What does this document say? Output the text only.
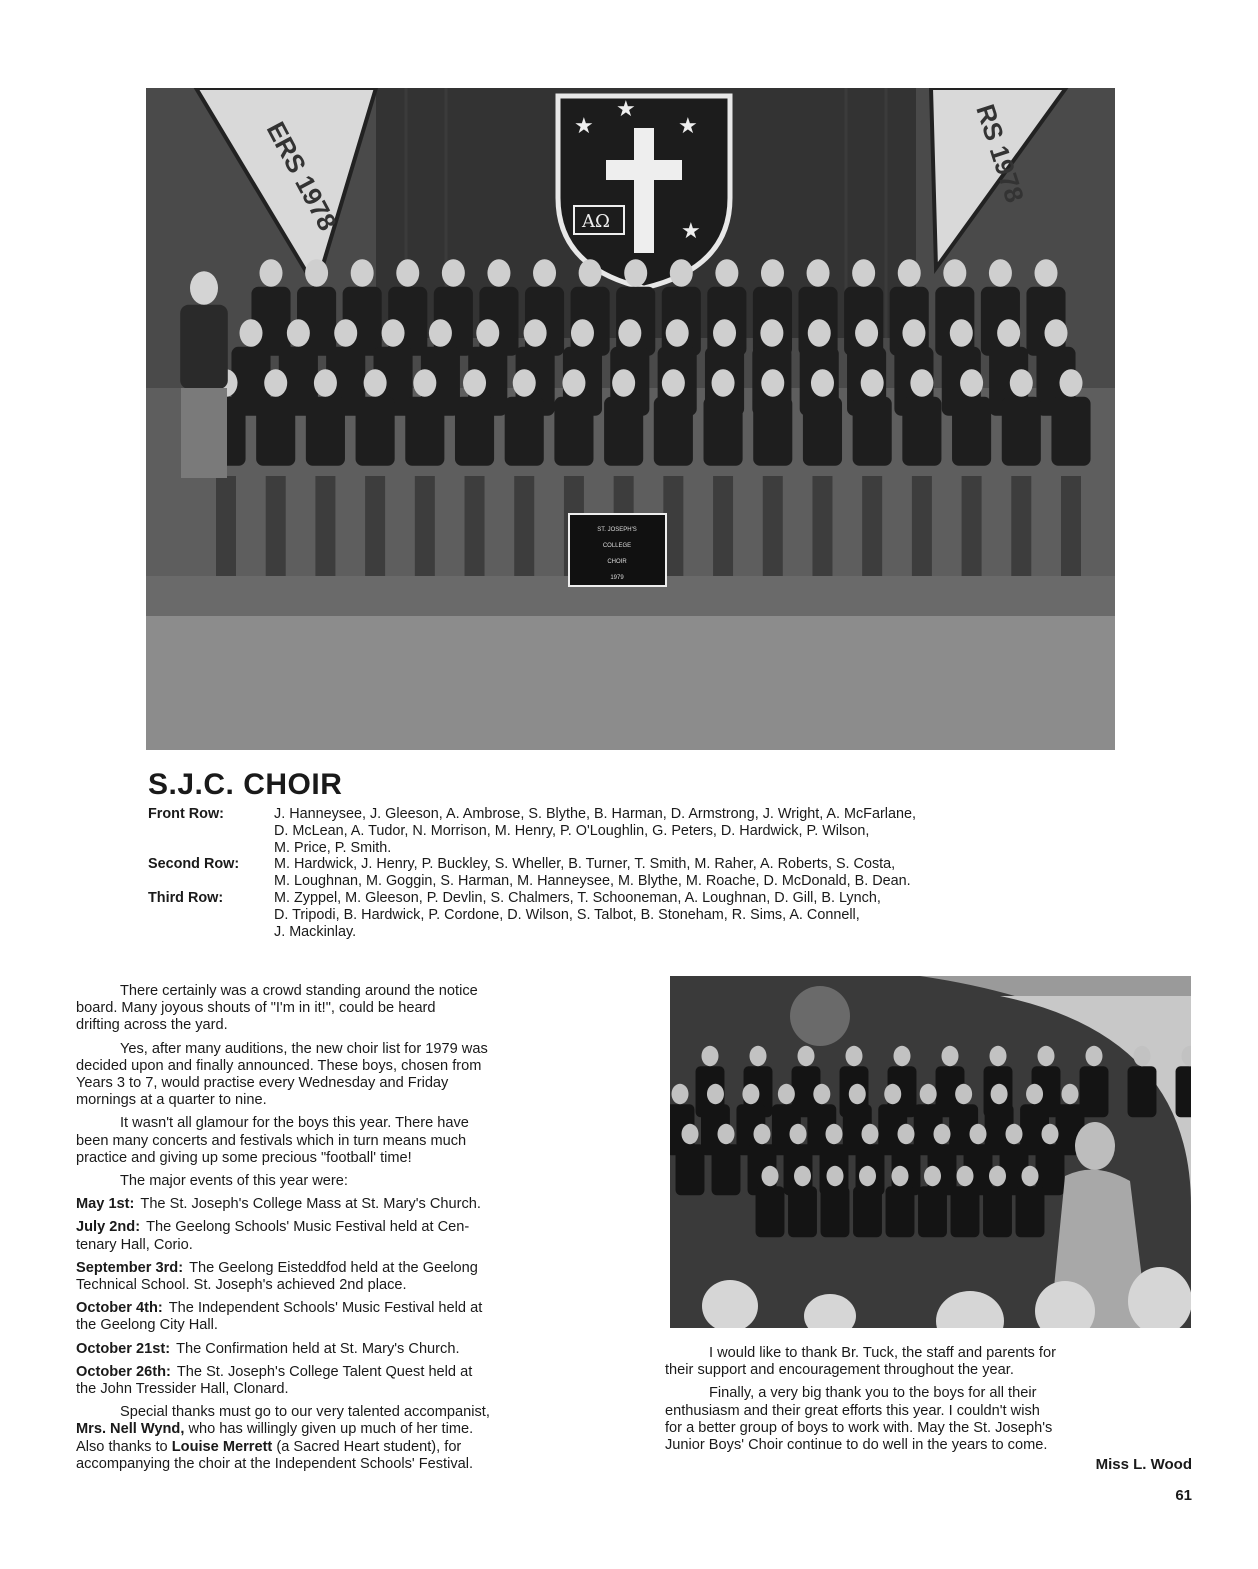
ERS 1978	RS 1978
★	★
★
★
AΩ
ST. JOSEPH'S
COLLEGE
CHOIR
1979
S.J.C. CHOIR
Front Row:	J. Hanneysee, J. Gleeson, A. Ambrose, S. Blythe, B. Harman, D. Armstrong, J. Wright, A. McFarlane,
D. McLean, A. Tudor, N. Morrison, M. Henry, P. O'Loughlin, G. Peters, D. Hardwick, P. Wilson,
M. Price, P. Smith.
Second Row:	M. Hardwick, J. Henry, P. Buckley, S. Wheller, B. Turner, T. Smith, M. Raher, A. Roberts, S. Costa,
M. Loughnan, M. Goggin, S. Harman, M. Hanneysee, M. Blythe, M. Roache, D. McDonald, B. Dean.
Third Row:	M. Zyppel, M. Gleeson, P. Devlin, S. Chalmers, T. Schooneman, A. Loughnan, D. Gill, B. Lynch,
D. Tripodi, B. Hardwick, P. Cordone, D. Wilson, S. Talbot, B. Stoneham, R. Sims, A. Connell,
J. Mackinlay.

There certainly was a crowd standing around the notice
board. Many joyous shouts of "I'm in it!", could be heard
drifting across the yard.

Yes, after many auditions, the new choir list for 1979 was
decided upon and finally announced. These boys, chosen from
Years 3 to 7, would practise every Wednesday and Friday
mornings at a quarter to nine.

It wasn't all glamour for the boys this year. There have
been many concerts and festivals which in turn means much
practice and giving up some precious "football' time!

The major events of this year were:

May 1st: The St. Joseph's College Mass at St. Mary's Church.
July 2nd: The Geelong Schools' Music Festival held at Cen-
tenary Hall, Corio.
September 3rd: The Geelong Eisteddfod held at the Geelong
Technical School. St. Joseph's achieved 2nd place.
October 4th: The Independent Schools' Music Festival held at
the Geelong City Hall.
October 21st: The Confirmation held at St. Mary's Church.
October 26th: The St. Joseph's College Talent Quest held at
the John Tressider Hall, Clonard.

Special thanks must go to our very talented accompanist,
Mrs. Nell Wynd, who has willingly given up much of her time.
Also thanks to Louise Merrett (a Sacred Heart student), for
accompanying the choir at the Independent Schools' Festival.

I would like to thank Br. Tuck, the staff and parents for
their support and encouragement throughout the year.

Finally, a very big thank you to the boys for all their
enthusiasm and their great efforts this year. I couldn't wish
for a better group of boys to work with. May the St. Joseph's
Junior Boys' Choir continue to do well in the years to come.

Miss L. Wood
61
